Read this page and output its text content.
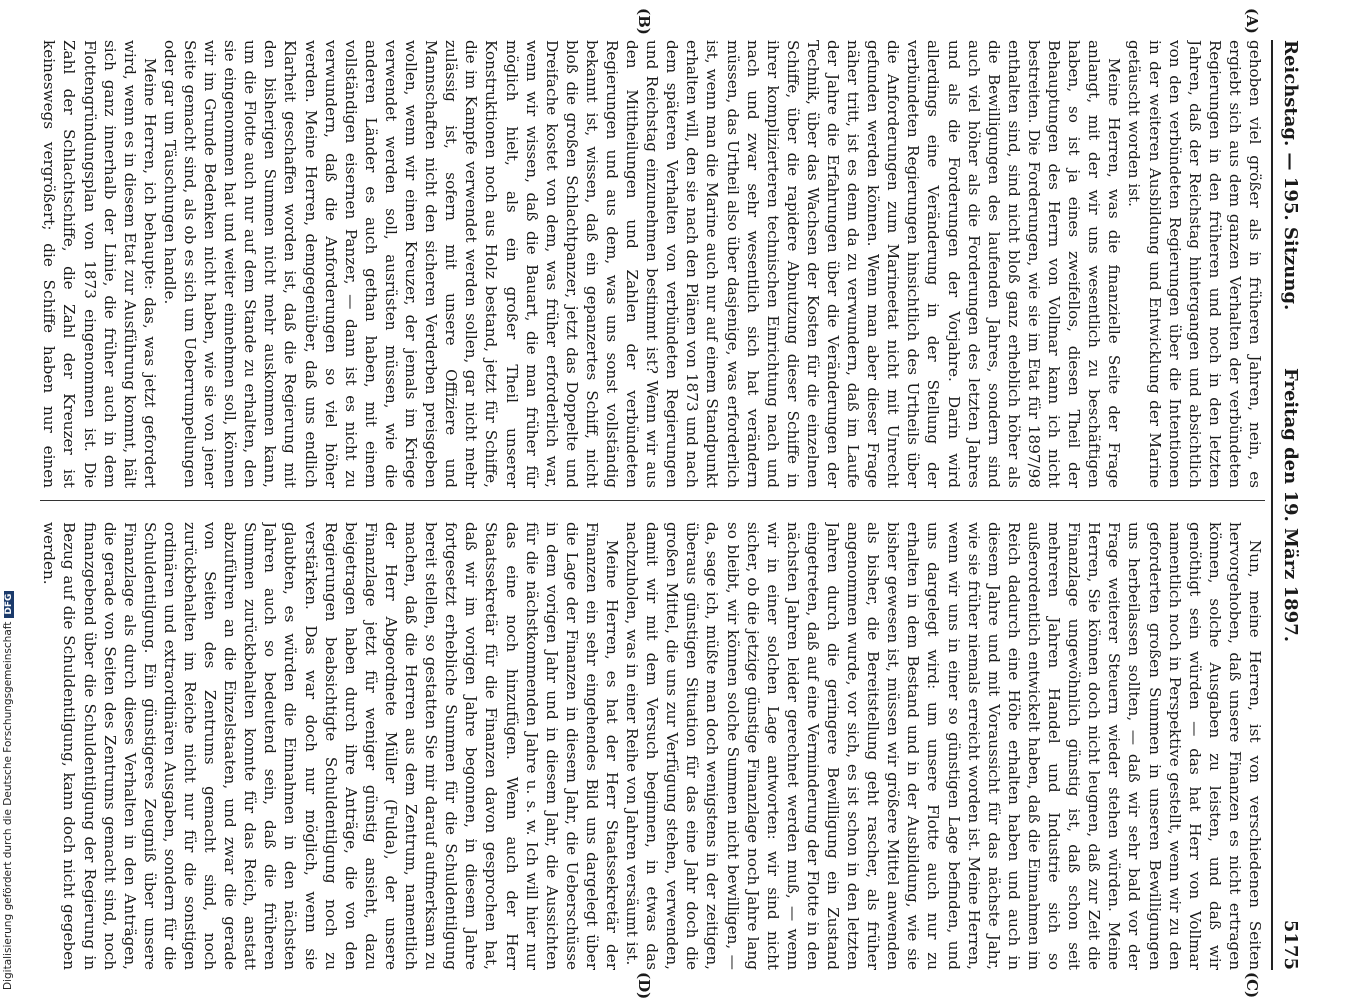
Reichstag. — 195. Sitzung.
Freitag den 19. März 1897.
5175
(A)
(B)
(C)
(D)

gehoben viel größer als in früheren Jahren, nein, es ergiebt sich aus dem ganzen Verhalten der verbündeten Regierungen in den früheren und noch in den letzten Jahren, daß der Reichstag hintergangen und absichtlich von den verbündeten Regierungen über die Intentionen in der weiteren Ausbildung und Entwicklung der Marine getäuscht worden ist.

Meine Herren, was die finanzielle Seite der Frage anlangt, mit der wir uns wesentlich zu beschäftigen haben, so ist ja eines zweifellos, diesen Theil der Behauptungen des Herrn von Vollmar kann ich nicht bestreiten. Die Forderungen, wie sie im Etat für 1897/98 enthalten sind, sind nicht bloß ganz erheblich höher als die Bewilligungen des laufenden Jahres, sondern sind auch viel höher als die Forderungen des letzten Jahres und als die Forderungen der Vorjahre. Darin wird allerdings eine Veränderung in der Stellung der verbündeten Regierungen hinsichtlich des Urtheils über die Anforderungen zum Marineetat nicht mit Unrecht gefunden werden können. Wenn man aber dieser Frage näher tritt, ist es denn da zu verwundern, daß im Laufe der Jahre die Erfahrungen über die Veränderungen der Technik, über das Wachsen der Kosten für die einzelnen Schiffe, über die rapidere Abnutzung dieser Schiffe in ihrer komplizierteren technischen Einrichtung nach und nach und zwar sehr wesentlich sich hat verändern müssen, das Urtheil also über dasjenige, was erforderlich ist, wenn man die Marine auch nur auf einem Standpunkt erhalten will, den sie nach den Plänen von 1873 und nach dem späteren Verhalten von verbündeten Regierungen und Reichstag einzunehmen bestimmt ist? Wenn wir aus den Mittheilungen und Zahlen der verbündeten Regierungen und aus dem, was uns sonst vollständig bekannt ist, wissen, daß ein gepanzertes Schiff, nicht bloß die großen Schlachtpanzer, jetzt das Doppelte und Dreifache kostet von dem, was früher erforderlich war, wenn wir wissen, daß die Bauart, die man früher für möglich hielt, als ein großer Theil unserer Konstruktionen noch aus Holz bestand, jetzt für Schiffe, die im Kampfe verwendet werden sollen, gar nicht mehr zulässig ist, sofern mit unsere Offiziere und Mannschaften nicht den sicheren Verderben preisgeben wollen, wenn wir einen Kreuzer, der jemals im Kriege verwendet werden soll, ausrüsten müssen, wie die anderen Länder es auch gethan haben, mit einem vollständigen eisernen Panzer, — dann ist es nicht zu verwundern, daß die Anforderungen so viel höher werden. Meine Herren, demgegenüber, daß uns endlich Klarheit geschaffen worden ist, daß die Regierung mit den bisherigen Summen nicht mehr auskommen kann, um die Flotte auch nur auf dem Stande zu erhalten, den sie eingenommen hat und weiter einnehmen soll, können wir im Grunde Bedenken nicht haben, wie sie von jener Seite gemacht sind, als ob es sich um Ueberrumpelungen oder gar um Täuschungen handle.

Meine Herren, ich behaupte: das, was jetzt gefordert wird, wenn es in diesem Etat zur Ausführung kommt, hält sich ganz innerhalb der Linie, die früher auch in dem Flottengründungsplan von 1873 eingenommen ist. Die Zahl der Schlachtschiffe, die Zahl der Kreuzer ist keineswegs vergrößert; die Schiffe haben nur einen

Nun, meine Herren, ist von verschiedenen Seiten hervorgehoben, daß unsere Finanzen es nicht ertragen können, solche Ausgaben zu leisten, und daß wir genöthigt sein würden — das hat Herr von Vollmar namentlich noch in Perspektive gestellt, wenn wir zu den geforderten großen Summen in unseren Bewilligungen uns herbeilassen sollten, — daß wir sehr bald vor der Frage weiterer Steuern wieder stehen würden. Meine Herren, Sie können doch nicht leugnen, daß zur Zeit die Finanzlage ungewöhnlich günstig ist, daß schon seit mehreren Jahren Handel und Industrie sich so außerordentlich entwickelt haben, daß die Einnahmen im Reich dadurch eine Höhe erhalten haben und auch in diesem Jahre und mit Voraussicht für das nächste Jahr, wie sie früher niemals erreicht worden ist. Meine Herren, wenn wir uns in einer so günstigen Lage befinden, und uns dargelegt wird: um unsere Flotte auch nur zu erhalten in dem Bestand und in der Ausbildung, wie sie bisher gewesen ist, müssen wir größere Mittel anwenden als bisher, die Bereitstellung geht rascher, als früher angenommen wurde, vor sich, es ist schon in den letzten Jahren durch die geringere Bewilligung ein Zustand eingetreten, daß auf eine Verminderung der Flotte in den nächsten Jahren leider gerechnet werden muß, — wenn wir in einer solchen Lage antworten: wir sind nicht sicher, ob die jetzige günstige Finanzlage noch Jahre lang so bleibt, wir können solche Summen nicht bewilligen, — da, sage ich, müßte man doch wenigstens in der zeitigen, überaus günstigen Situation für das eine Jahr doch die großen Mittel, die uns zur Verfügung stehen, verwenden, damit wir mit dem Versuch beginnen, in etwas das nachzuholen, was in einer Reihe von Jahren versäumt ist.

Meine Herren, es hat der Herr Staatssekretär der Finanzen ein sehr eingehendes Bild uns dargelegt über die Lage der Finanzen in diesem Jahr, die Ueberschüsse in dem vorigen Jahr und in diesem Jahr, die Aussichten für die nächstkommenden Jahre u. s. w. Ich will hier nur das eine noch hinzufügen. Wenn auch der Herr Staatssekretär für die Finanzen davon gesprochen hat, daß wir im vorigen Jahre begonnen, in diesem Jahre fortgesetzt erhebliche Summen für die Schuldentilgung bereit stellen, so gestatten Sie mir darauf aufmerksam zu machen, daß die Herren aus dem Zentrum, namentlich der Herr Abgeordnete Müller (Fulda), der unsere Finanzlage jetzt für weniger günstig ansieht, dazu beigetragen haben durch ihre Anträge, die von den Regierungen beabsichtigte Schuldentilgung noch zu verstärken. Das war doch nur möglich, wenn sie glaubten, es würden die Einnahmen in den nächsten Jahren auch so bedeutend sein, daß die früheren Summen zurückbehalten konnte für das Reich, anstatt abzuführen an die Einzelstaaten, und zwar die gerade von Seiten des Zentrums gemacht sind, noch zurückbehalten im Reiche nicht nur für die sonstigen ordinären und extraordinären Ausgaben, sondern für die Schuldentilgung. Ein günstigeres Zeugniß über unsere Finanzlage als durch dieses Verhalten in den Anträgen, die gerade von Seiten des Zentrums gemacht sind, noch finanzgebend über die Schuldentilgung der Regierung in Bezug auf die Schuldentilgung, kann doch nicht gegeben werden.

Digitalisierung gefördert durch die Deutsche ForschungsgemeinschaftDFG
